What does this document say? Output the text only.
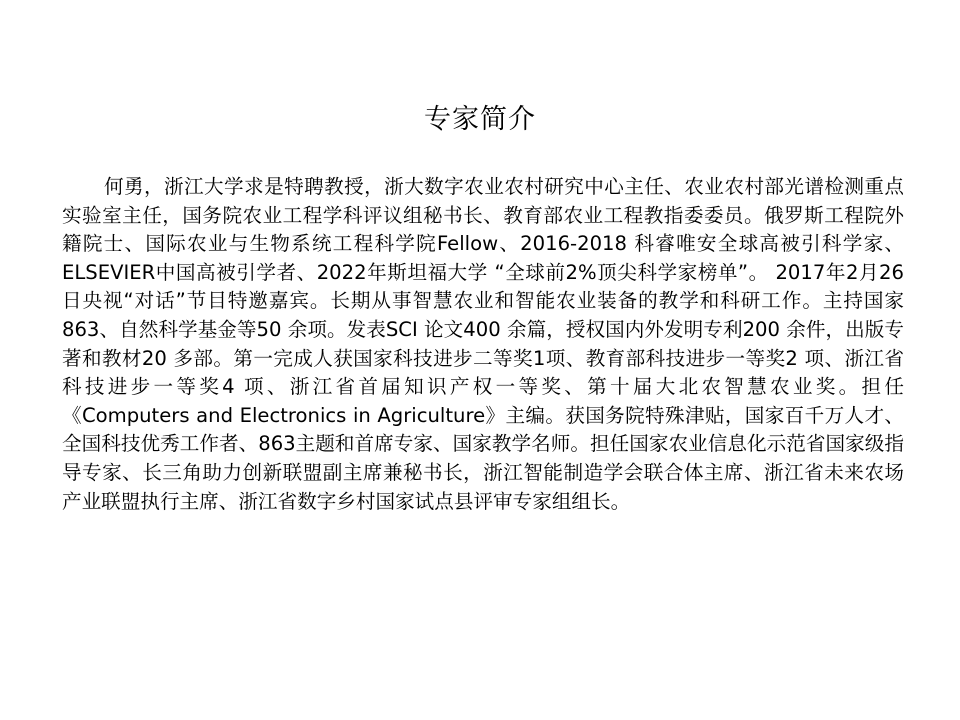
专家简介

何勇，浙江大学求是特聘教授，浙大数字农业农村研究中心主任、农业农村部光谱检测重点实验室主任，国务院农业工程学科评议组秘书长、教育部农业工程教指委委员。俄罗斯工程院外籍院士、国际农业与生物系统工程科学院Fellow、2016-2018 科睿唯安全球高被引科学家、ELSEVIER中国高被引学者、2022年斯坦福大学 “全球前2%顶尖科学家榜单”。 2017年2月26日央视“对话”节目特邀嘉宾。长期从事智慧农业和智能农业装备的教学和科研工作。主持国家863、自然科学基金等50 余项。发表SCI 论文400 余篇，授权国内外发明专利200 余件，出版专著和教材20 多部。第一完成人获国家科技进步二等奖1项、教育部科技进步一等奖2 项、浙江省科技进步一等奖4 项、浙江省首届知识产权一等奖、第十届大北农智慧农业奖。担任《Computers and Electronics in Agriculture》主编。获国务院特殊津贴，国家百千万人才、全国科技优秀工作者、863主题和首席专家、国家教学名师。担任国家农业信息化示范省国家级指导专家、长三角助力创新联盟副主席兼秘书长，浙江智能制造学会联合体主席、浙江省未来农场产业联盟执行主席、浙江省数字乡村国家试点县评审专家组组长。
